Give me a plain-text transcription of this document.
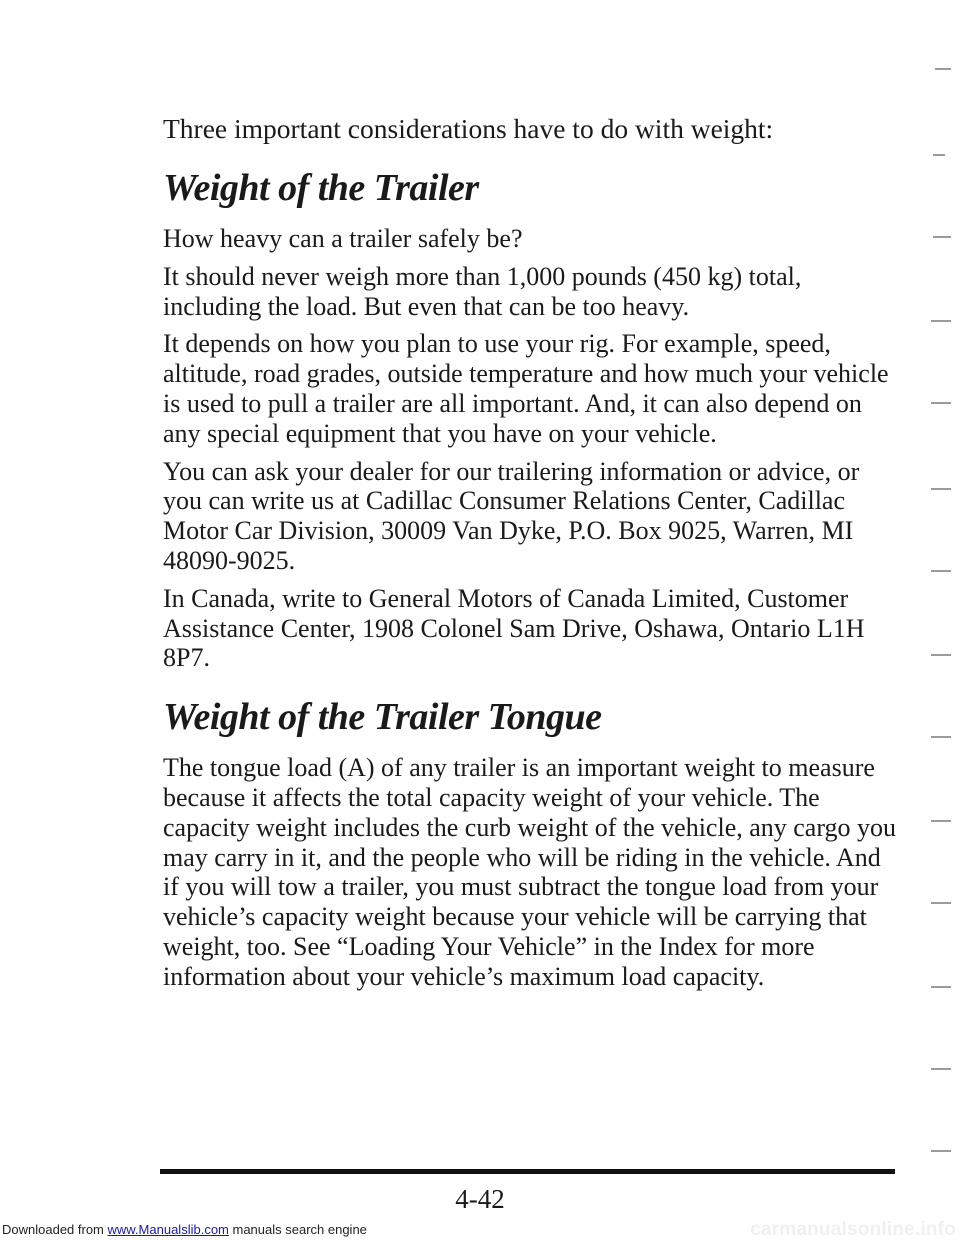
Three important considerations have to do with weight:

Weight of the Trailer

How heavy can a trailer safely be?

It should never weigh more than 1,000 pounds (450 kg) total, including the load. But even that can be too heavy.

It depends on how you plan to use your rig. For example, speed, altitude, road grades, outside temperature and how much your vehicle is used to pull a trailer are all important. And, it can also depend on any special equipment that you have on your vehicle.

You can ask your dealer for our trailering information or advice, or you can write us at Cadillac Consumer Relations Center, Cadillac Motor Car Division, 30009 Van Dyke, P.O. Box 9025, Warren, MI 48090-9025.

In Canada, write to General Motors of Canada Limited, Customer Assistance Center, 1908 Colonel Sam Drive, Oshawa, Ontario L1H 8P7.

Weight of the Trailer Tongue

The tongue load (A) of any trailer is an important weight to measure because it affects the total capacity weight of your vehicle. The capacity weight includes the curb weight of the vehicle, any cargo you may carry in it, and the people who will be riding in the vehicle. And if you will tow a trailer, you must subtract the tongue load from your vehicle’s capacity weight because your vehicle will be carrying that weight, too. See “Loading Your Vehicle” in the Index for more information about your vehicle’s maximum load capacity.

4-42
Downloaded from www.Manualslib.com manuals search engine	carmanualsonline.info
